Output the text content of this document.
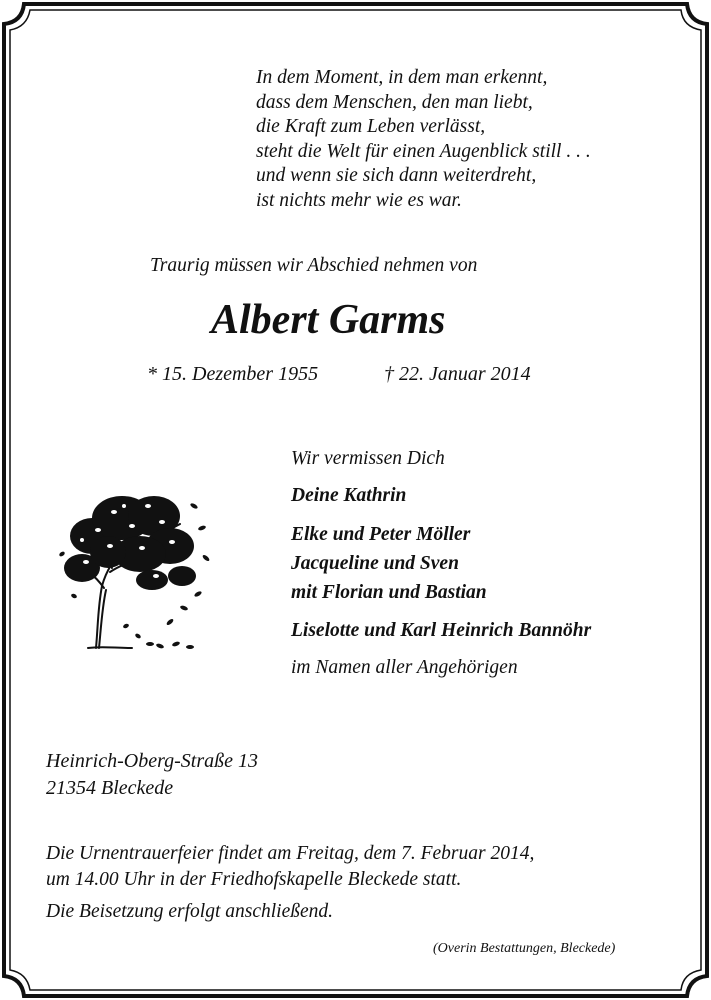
In dem Moment, in dem man erkennt,
dass dem Menschen, den man liebt,
die Kraft zum Leben verlässt,
steht die Welt für einen Augenblick still . . .
und wenn sie sich dann weiterdreht,
ist nichts mehr wie es war.
Traurig müssen wir Abschied nehmen von
Albert Garms
* 15. Dezember 1955	† 22. Januar 2014
Wir vermissen Dich
Deine Kathrin
Elke und Peter Möller
Jacqueline und Sven
mit Florian und Bastian
Liselotte und Karl Heinrich Bannöhr
im Namen aller Angehörigen
Heinrich-Oberg-Straße 13
21354 Bleckede
Die Urnentrauerfeier findet am Freitag, dem 7. Februar 2014,
um 14.00 Uhr in der Friedhofskapelle Bleckede statt.
Die Beisetzung erfolgt anschließend.
(Overin Bestattungen, Bleckede)
